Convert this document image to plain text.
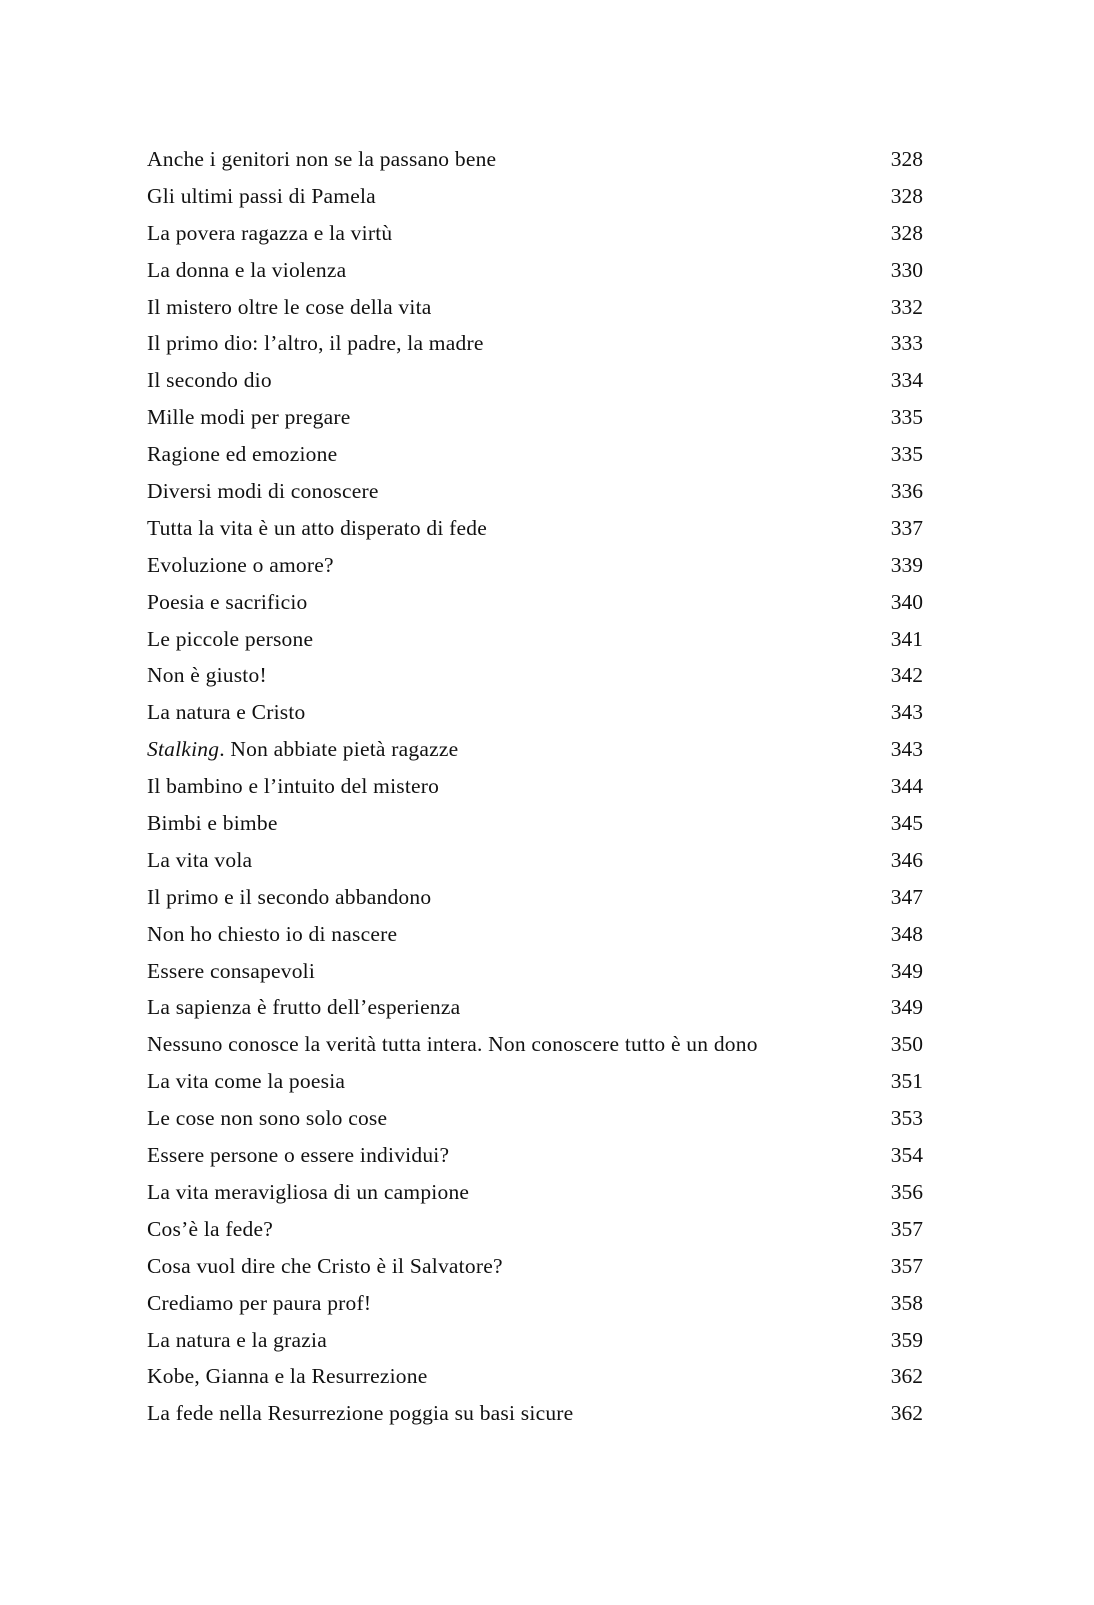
Anche i genitori non se la passano bene	328
Gli ultimi passi di Pamela	328
La povera ragazza e la virtù	328
La donna e la violenza	330
Il mistero oltre le cose della vita	332
Il primo dio: l’altro, il padre, la madre	333
Il secondo dio	334
Mille modi per pregare	335
Ragione ed emozione	335
Diversi modi di conoscere	336
Tutta la vita è un atto disperato di fede	337
Evoluzione o amore?	339
Poesia e sacrificio	340
Le piccole persone	341
Non è giusto!	342
La natura e Cristo	343
Stalking. Non abbiate pietà ragazze	343
Il bambino e l’intuito del mistero	344
Bimbi e bimbe	345
La vita vola	346
Il primo e il secondo abbandono	347
Non ho chiesto io di nascere	348
Essere consapevoli	349
La sapienza è frutto dell’esperienza	349
Nessuno conosce la verità tutta intera. Non conoscere tutto è un dono	350
La vita come la poesia	351
Le cose non sono solo cose	353
Essere persone o essere individui?	354
La vita meravigliosa di un campione	356
Cos’è la fede?	357
Cosa vuol dire che Cristo è il Salvatore?	357
Crediamo per paura prof!	358
La natura e la grazia	359
Kobe, Gianna e la Resurrezione	362
La fede nella Resurrezione poggia su basi sicure	362
